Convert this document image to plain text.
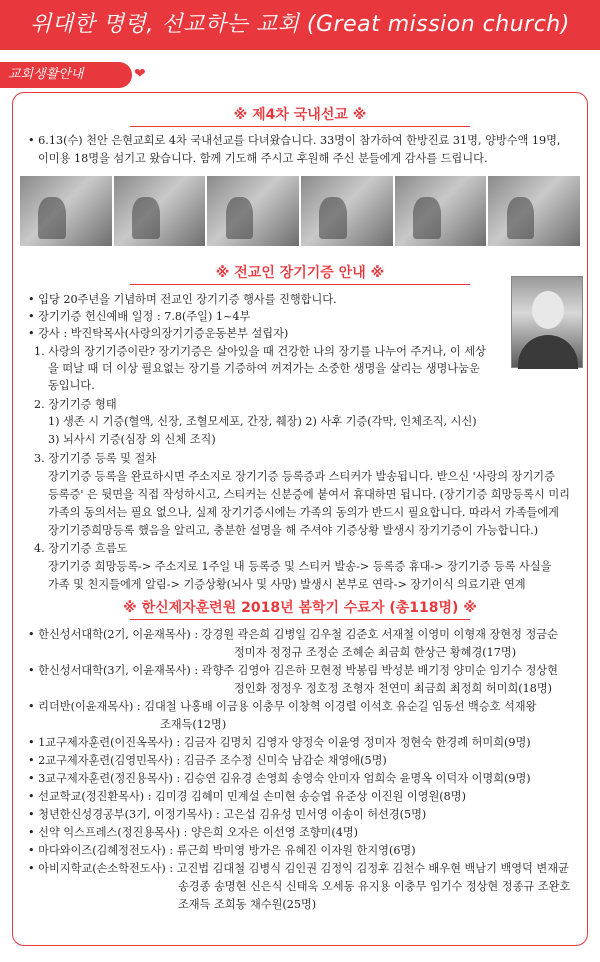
위대한 명령, 선교하는 교회 (Great mission church)
교회생활안내	❤
※ 제4차 국내선교 ※
• 6.13(수) 천안 은현교회로 4차 국내선교를 다녀왔습니다. 33명이 참가하여 한방진료 31명, 양방수액 19명,
이미용 18명을 섬기고 왔습니다. 함께 기도해 주시고 후원해 주신 분들에게 감사를 드립니다.
※ 전교인 장기기증 안내 ※
• 입당 20주년을 기념하며 전교인 장기기증 행사를 진행합니다.
• 장기기증 헌신예배 일정 : 7.8(주일) 1~4부
• 강사 : 박진탁목사(사랑의장기기증운동본부 설립자)
1. 사랑의 장기기증이란? 장기기증은 살아있을 때 건강한 나의 장기를 나누어 주거나, 이 세상
을 떠날 때 더 이상 필요없는 장기를 기증하여 꺼져가는 소중한 생명을 살리는 생명나눔운
동입니다.
2. 장기기증 형태
1) 생존 시 기증(혈액, 신장, 조혈모세포, 간장, 췌장) 2) 사후 기증(각막, 인체조직, 시신)
3) 뇌사시 기증(심장 외 신체 조직)
3. 장기기증 등록 및 절차
장기기증 등록을 완료하시면 주소지로 장기기증 등록증과 스티커가 발송됩니다. 받으신 '사랑의 장기기증
등록증' 은 뒷면을 직접 작성하시고, 스티커는 신분증에 붙여서 휴대하면 됩니다. (장기기증 희망등록시 미리
가족의 동의서는 필요 없으나, 실제 장기기증시에는 가족의 동의가 반드시 필요합니다. 따라서 가족들에게
장기기증희망등록 했음을 알리고, 충분한 설명을 해 주셔야 기증상황 발생시 장기기증이 가능합니다.)
4. 장기기증 흐름도
장기기증 희망등록-> 주소지로 1주일 내 등록증 및 스티커 발송-> 등록증 휴대-> 장기기증 등록 사실을
가족 및 친지들에게 알림-> 기증상황(뇌사 및 사망) 발생시 본부로 연락-> 장기이식 의료기관 연계
※ 한신제자훈련원 2018년 봄학기 수료자 (총118명) ※
• 한신성서대학(2기, 이윤재목사) : 강경원 곽은희 김병일 김우철 김준호 서재철 이영미 이형재 장현정 정금순
정미자 정정규 조정순 조혜순 최금희 한상근 황혜경(17명)
• 한신성서대학(3기, 이윤재목사) : 곽향주 김영아 김은하 모현정 박봉림 박성분 배기정 양미순 임기수 정상현
정인화 정정우 정호정 조형자 천연미 최금희 최정희 허미희(18명)
• 리더반(이윤재목사) : 김대철 나홍배 이금용 이충무 이창혁 이경렬 이석호 유순길 임동선 백승호 석재왕
조재득(12명)
• 1교구제자훈련(이진옥목사) : 김금자 김명치 김영자 양정숙 이윤영 정미자 정현숙 한경례 허미희(9명)
• 2교구제자훈련(김영민목사) : 김금주 조수정 신미숙 남감순 채영애(5명)
• 3교구제자훈련(정진용목사) : 김승연 김유경 손영희 송영숙 안미자 엄희숙 윤명옥 이덕자 이명희(9명)
• 선교학교(정진환목사) : 김미경 김혜미 민계설 손미현 송승엽 유준상 이진원 이영원(8명)
• 청년한신성경공부(3기, 이정기목사) : 고은섭 김유성 민서영 이송이 허선경(5명)
• 신약 익스프레스(정진용목사) : 양은희 오자은 이선영 조향미(4명)
• 마다와이즈(김혜정전도사) : 류근희 박미영 방가은 유혜진 이자원 한지영(6명)
• 아비지학교(손소학전도사) : 고진법 김대철 김병식 김인권 김정익 김정후 김천수 배우현 백남기 백영덕 변재균
송경종 송명현 신은식 신태욱 오세동 유지용 이충무 임기수 정상현 정종규 조완호
조재득 조희동 채수원(25명)
